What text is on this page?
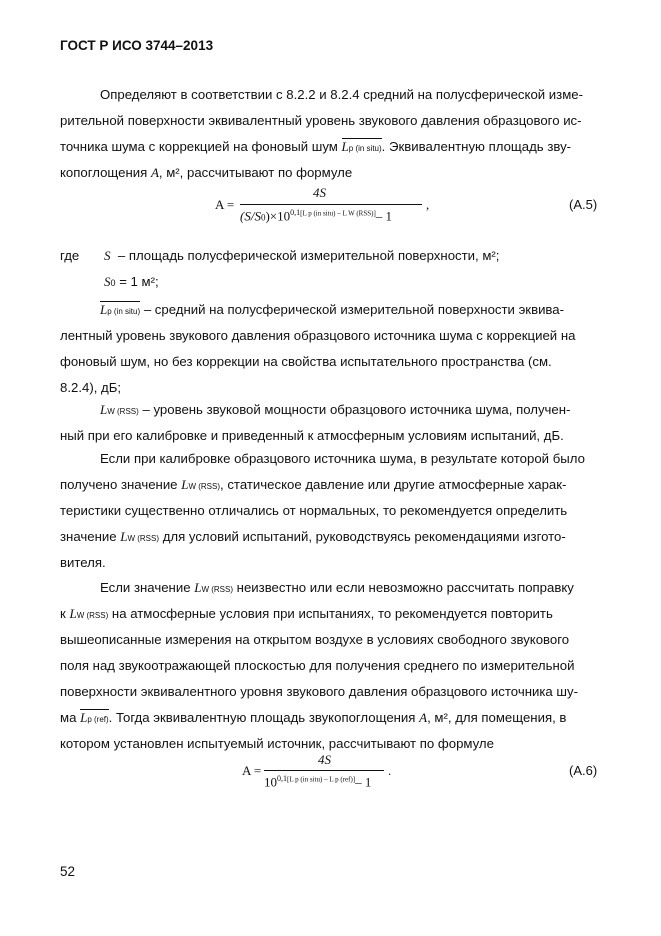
ГОСТ Р ИСО 3744–2013
Определяют в соответствии с 8.2.2 и 8.2.4 средний на полусферической изме-
рительной поверхности эквивалентный уровень звукового давления образцового ис-
точника шума с коррекцией на фоновый шум Lp (in situ). Эквивалентную площадь зву-
копоглощения A, м², рассчитывают по формуле
A =
4S
$(S/S0)\times 10^{0,1[L p (in situ)}$ – $^{L W (RSS)]}$– 1
,	(А.5)
где S – площадь полусферической измерительной поверхности, м²;
S0 = 1 м²;
Lp (in situ) – средний на полусферической измерительной поверхности эквива-
лентный уровень звукового давления образцового источника шума с коррекцией на
фоновый шум, но без коррекции на свойства испытательного пространства (см.
8.2.4), дБ;
LW (RSS) – уровень звуковой мощности образцового источника шума, получен-
ный при его калибровке и приведенный к атмосферным условиям испытаний, дБ.
Если при калибровке образцового источника шума, в результате которой было
получено значение LW (RSS), статическое давление или другие атмосферные харак-
теристики существенно отличались от нормальных, то рекомендуется определить
значение LW (RSS) для условий испытаний, руководствуясь рекомендациями изгото-
вителя.
Если значение LW (RSS) неизвестно или если невозможно рассчитать поправку
к LW (RSS) на атмосферные условия при испытаниях, то рекомендуется повторить
вышеописанные измерения на открытом воздухе в условиях свободного звукового
поля над звукоотражающей плоскостью для получения среднего по измерительной
поверхности эквивалентного уровня звукового давления образцового источника шу-
ма Lp (ref). Тогда эквивалентную площадь звукопоглощения A, м², для помещения, в
котором установлен испытуемый источник, рассчитывают по формуле
A =
4S
$10^{0,1[L p (in situ)}$ – $^{L p (ref)]}$– 1
.	(А.6)
52
